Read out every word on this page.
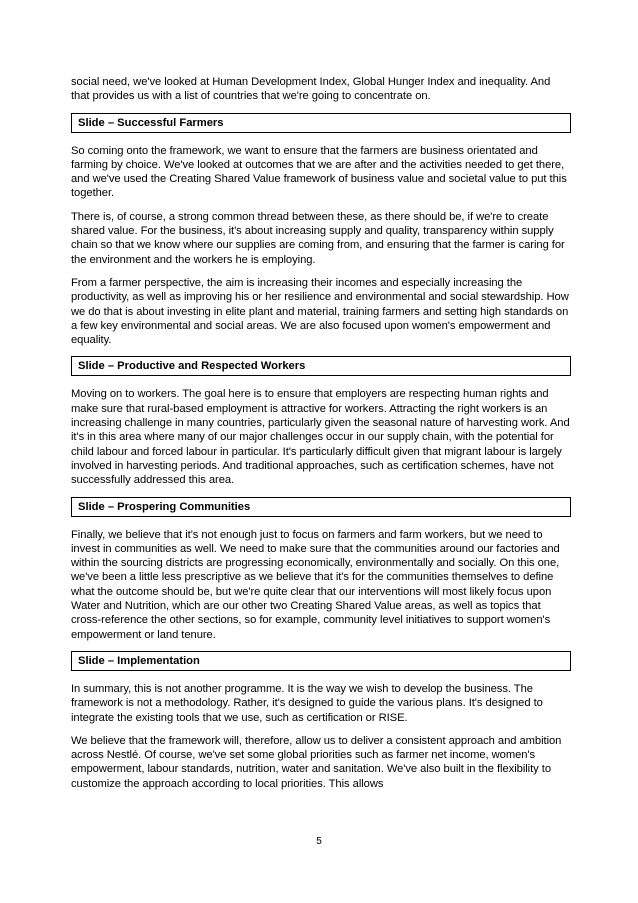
social need, we've looked at Human Development Index, Global Hunger Index and inequality. And that provides us with a list of countries that we're going to concentrate on.

Slide – Successful Farmers

So coming onto the framework, we want to ensure that the farmers are business orientated and farming by choice. We've looked at outcomes that we are after and the activities needed to get there, and we've used the Creating Shared Value framework of business value and societal value to put this together.

There is, of course, a strong common thread between these, as there should be, if we're to create shared value. For the business, it's about increasing supply and quality, transparency within supply chain so that we know where our supplies are coming from, and ensuring that the farmer is caring for the environment and the workers he is employing.

From a farmer perspective, the aim is increasing their incomes and especially increasing the productivity, as well as improving his or her resilience and environmental and social stewardship. How we do that is about investing in elite plant and material, training farmers and setting high standards on a few key environmental and social areas. We are also focused upon women's empowerment and equality.

Slide – Productive and Respected Workers

Moving on to workers. The goal here is to ensure that employers are respecting human rights and make sure that rural-based employment is attractive for workers. Attracting the right workers is an increasing challenge in many countries, particularly given the seasonal nature of harvesting work. And it's in this area where many of our major challenges occur in our supply chain, with the potential for child labour and forced labour in particular. It's particularly difficult given that migrant labour is largely involved in harvesting periods. And traditional approaches, such as certification schemes, have not successfully addressed this area.

Slide – Prospering Communities

Finally, we believe that it's not enough just to focus on farmers and farm workers, but we need to invest in communities as well. We need to make sure that the communities around our factories and within the sourcing districts are progressing economically, environmentally and socially. On this one, we've been a little less prescriptive as we believe that it's for the communities themselves to define what the outcome should be, but we're quite clear that our interventions will most likely focus upon Water and Nutrition, which are our other two Creating Shared Value areas, as well as topics that cross-reference the other sections, so for example, community level initiatives to support women's empowerment or land tenure.

Slide – Implementation

In summary, this is not another programme. It is the way we wish to develop the business. The framework is not a methodology. Rather, it's designed to guide the various plans. It's designed to integrate the existing tools that we use, such as certification or RISE.

We believe that the framework will, therefore, allow us to deliver a consistent approach and ambition across Nestlé. Of course, we've set some global priorities such as farmer net income, women's empowerment, labour standards, nutrition, water and sanitation. We've also built in the flexibility to customize the approach according to local priorities. This allows

5
